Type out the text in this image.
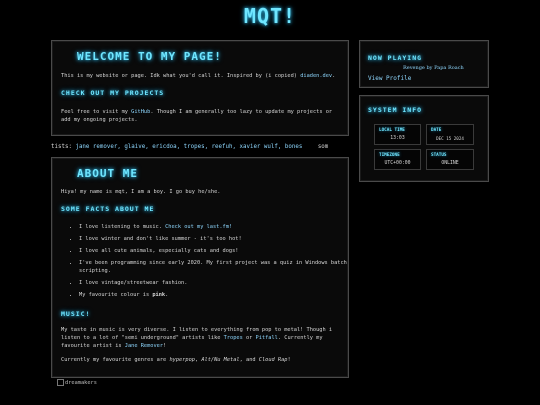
MQT!
WELCOME TO MY PAGE!

This is my website or page. Idk what you'd call it. Inspired by (i copied) diaden.dev.

CHECK OUT MY PROJECTS

Feel free to visit my GitHub. Though I am generally too lazy to update my projects or add my ongoing projects.

tists: jane remover, glaive, ericdoa, tropes, reefuh, xavier wulf, bones	som
ABOUT ME

Hiya! my name is mqt, I am a boy. I go buy he/she.

SOME FACTS ABOUT ME
• I love listening to music. Check out my last.fm!
• I love winter and don't like summer - it's too hot!
• I love all cute animals, especially cats and dogs!
• I've been programming since early 2020. My first project was a quiz in Windows batch scripting.
• I love vintage/streetwear fashion.
• My favourite colour is pink.
MUSIC!

My taste in music is very diverse. I listen to everything from pop to metal! Though i listen to a lot of "semi underground" artists like Tropes or Pitfall. Currently my favourite artist is Jane Remover!

Currently my favourite genres are hyperpop, Alt/Nu Metal, and Cloud Rap!

dreamakers
NOW PLAYING
Revenge by Papa Roach
View Profile
SYSTEM INFO
LOCAL TIME
13:03
DATE
DEC 15 2024
TIMEZONE
UTC+00:00
STATUS
ONLINE
